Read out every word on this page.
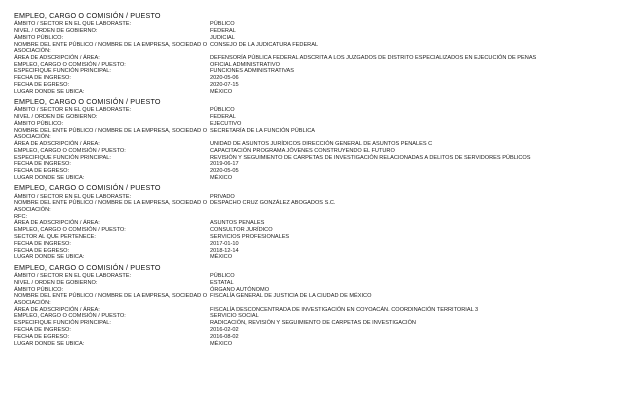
EMPLEO, CARGO O COMISIÓN / PUESTO
ÁMBITO / SECTOR EN EL QUE LABORASTE:	PÚBLICO
NIVEL / ORDEN DE GOBIERNO:	FEDERAL
ÁMBITO PÚBLICO:	JUDICIAL
NOMBRE DEL ENTE PÚBLICO / NOMBRE DE LA EMPRESA, SOCIEDAD O ASOCIACIÓN:
CONSEJO DE LA JUDICATURA FEDERAL
ÁREA DE ADSCRIPCIÓN / ÁREA:	DEFENSORÍA PÚBLICA FEDERAL ADSCRITA A LOS JUZGADOS DE DISTRITO ESPECIALIZADOS EN EJECUCIÓN DE PENAS
EMPLEO, CARGO O COMISIÓN / PUESTO:	OFICIAL ADMINISTRATIVO
ESPECIFIQUE FUNCIÓN PRINCIPAL:	FUNCIONES ADMINISTRATIVAS
FECHA DE INGRESO:	2020-05-06
FECHA DE EGRESO:	2020-07-15
LUGAR DONDE SE UBICA:	MÉXICO
EMPLEO, CARGO O COMISIÓN / PUESTO
ÁMBITO / SECTOR EN EL QUE LABORASTE:	PÚBLICO
NIVEL / ORDEN DE GOBIERNO:	FEDERAL
ÁMBITO PÚBLICO:	EJECUTIVO
NOMBRE DEL ENTE PÚBLICO / NOMBRE DE LA EMPRESA, SOCIEDAD O ASOCIACIÓN:
SECRETARÍA DE LA FUNCIÓN PÚBLICA
ÁREA DE ADSCRIPCIÓN / ÁREA:	UNIDAD DE ASUNTOS JURÍDICOS DIRECCIÓN GENERAL DE ASUNTOS PENALES C
EMPLEO, CARGO O COMISIÓN / PUESTO:	CAPACITACIÓN PROGRAMA JÓVENES CONSTRUYENDO EL FUTURO
ESPECIFIQUE FUNCIÓN PRINCIPAL:	REVISIÓN Y SEGUIMIENTO DE CARPETAS DE INVESTIGACIÓN RELACIONADAS A DELITOS DE SERVIDORES PÚBLICOS
FECHA DE INGRESO:	2019-06-17
FECHA DE EGRESO:	2020-05-05
LUGAR DONDE SE UBICA:	MÉXICO
EMPLEO, CARGO O COMISIÓN / PUESTO
ÁMBITO / SECTOR EN EL QUE LABORASTE:	PRIVADO
NOMBRE DEL ENTE PÚBLICO / NOMBRE DE LA EMPRESA, SOCIEDAD O ASOCIACIÓN:
DESPACHO CRUZ GONZÁLEZ ABOGADOS S.C.
RFC:
ÁREA DE ADSCRIPCIÓN / ÁREA:	ASUNTOS PENALES
EMPLEO, CARGO O COMISIÓN / PUESTO:	CONSULTOR JURÍDICO
SECTOR AL QUE PERTENECE:	SERVICIOS PROFESIONALES
FECHA DE INGRESO:	2017-01-10
FECHA DE EGRESO:	2018-12-14
LUGAR DONDE SE UBICA:	MÉXICO
EMPLEO, CARGO O COMISIÓN / PUESTO
ÁMBITO / SECTOR EN EL QUE LABORASTE:	PÚBLICO
NIVEL / ORDEN DE GOBIERNO:	ESTATAL
ÁMBITO PÚBLICO:	ÓRGANO AUTÓNOMO
NOMBRE DEL ENTE PÚBLICO / NOMBRE DE LA EMPRESA, SOCIEDAD O ASOCIACIÓN:
FISCALÍA GENERAL DE JUSTICIA DE LA CIUDAD DE MÉXICO
ÁREA DE ADSCRIPCIÓN / ÁREA:	FISCALÍA DESCONCENTRADA DE INVESTIGACIÓN EN COYOACÁN. COORDINACIÓN TERRITORIAL 3
EMPLEO, CARGO O COMISIÓN / PUESTO:	SERVICIO SOCIAL
ESPECIFIQUE FUNCIÓN PRINCIPAL:	RADICACIÓN, REVISIÓN Y SEGUIMIENTO DE CARPETAS DE INVESTIGACIÓN
FECHA DE INGRESO:	2016-02-02
FECHA DE EGRESO:	2016-08-02
LUGAR DONDE SE UBICA:	MÉXICO
